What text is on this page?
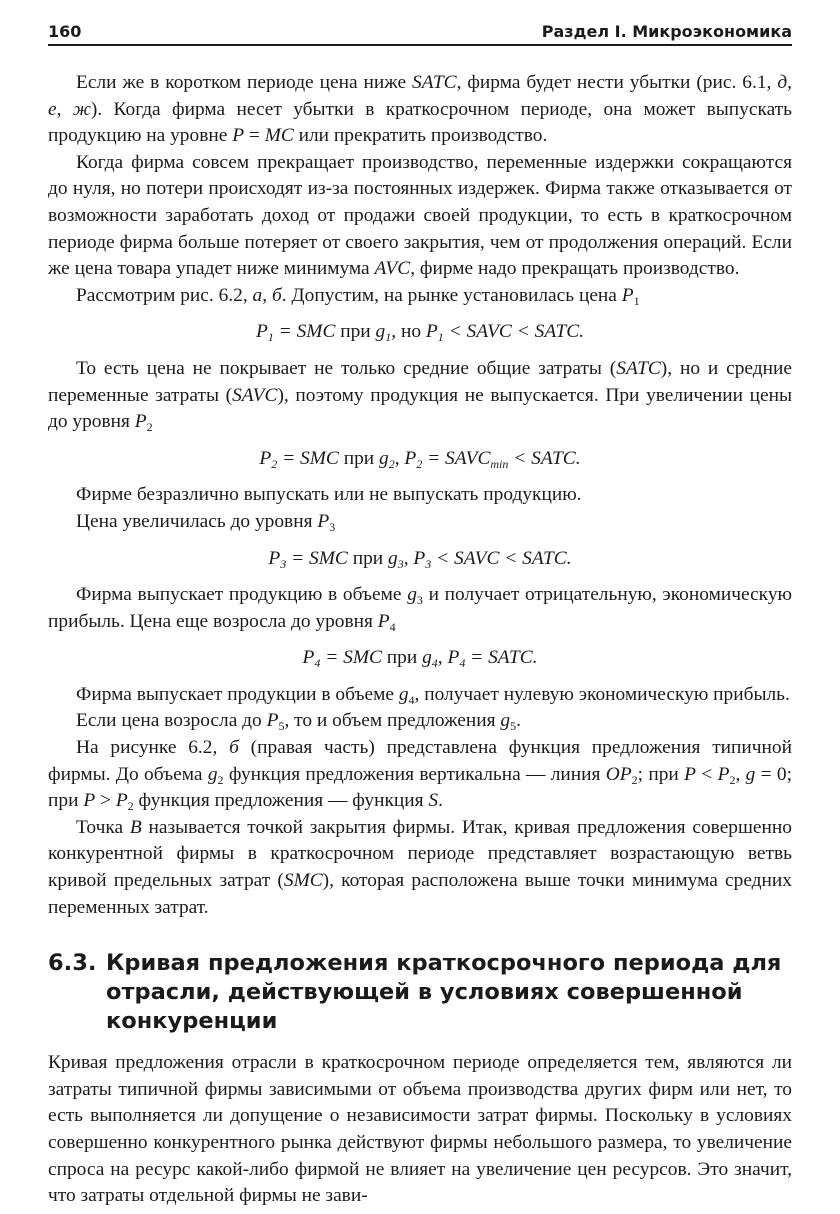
160	Раздел I. Микроэкономика

Если же в коротком периоде цена ниже SATC, фирма будет нести убытки (рис. 6.1, д, е, ж). Когда фирма несет убытки в краткосрочном периоде, она может выпускать продукцию на уровне P = MC или прекратить производство.

Когда фирма совсем прекращает производство, переменные издержки сокращаются до нуля, но потери происходят из-за постоянных издержек. Фирма также отказывается от возможности заработать доход от продажи своей продукции, то есть в краткосрочном периоде фирма больше потеряет от своего закрытия, чем от продолжения операций. Если же цена товара упадет ниже минимума AVC, фирме надо прекращать производство.

Рассмотрим рис. 6.2, а, б. Допустим, на рынке установилась цена $P_1$

$P_1$ = SMC при $g_1$, но $P_1$ < SAVC < SATC.

То есть цена не покрывает не только средние общие затраты (SATC), но и средние переменные затраты (SAVC), поэтому продукция не выпускается. При увеличении цены до уровня $P_2$

$P_2$ = SMC при $g_2$, $P_2$ = $SAVC_{min}$ < SATC.

Фирме безразлично выпускать или не выпускать продукцию.

Цена увеличилась до уровня $P_3$

$P_3$ = SMC при $g_3$, $P_3$ < SAVC < SATC.

Фирма выпускает продукцию в объеме $g_3$ и получает отрицательную, экономическую прибыль. Цена еще возросла до уровня $P_4$

$P_4$ = SMC при $g_4$, $P_4$ = SATC.

Фирма выпускает продукции в объеме $g_4$, получает нулевую экономическую прибыль.

Если цена возросла до $P_5$, то и объем предложения $g_5$.

На рисунке 6.2, б (правая часть) представлена функция предложения типичной фирмы. До объема $g_2$ функция предложения вертикальна — линия $OP_2$; при $P < P_2$, g = 0; при $P > P_2$ функция предложения — функция S.

Точка B называется точкой закрытия фирмы. Итак, кривая предложения совершенно конкурентной фирмы в краткосрочном периоде представляет возрастающую ветвь кривой предельных затрат (SMC), которая расположена выше точки минимума средних переменных затрат.

6.3. Кривая предложения краткосрочного периода для отрасли, действующей в условиях совершенной конкуренции

Кривая предложения отрасли в краткосрочном периоде определяется тем, являются ли затраты типичной фирмы зависимыми от объема производства других фирм или нет, то есть выполняется ли допущение о независимости затрат фирмы. Поскольку в условиях совершенно конкурентного рынка действуют фирмы небольшого размера, то увеличение спроса на ресурс какой-либо фирмой не влияет на увеличение цен ресурсов. Это значит, что затраты отдельной фирмы не зави-
